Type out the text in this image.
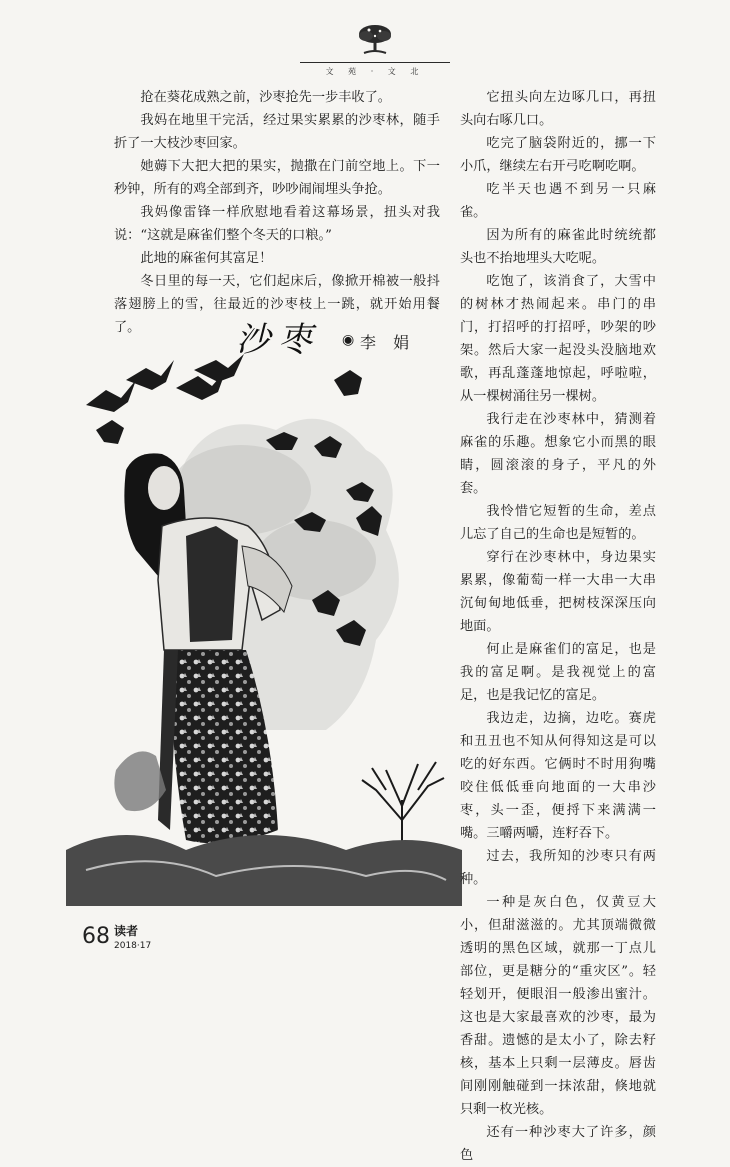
文 苑 · 文 北

抢在葵花成熟之前，沙枣抢先一步丰收了。

我妈在地里干完活，经过果实累累的沙枣林，随手折了一大枝沙枣回家。

她薅下大把大把的果实，抛撒在门前空地上。下一秒钟，所有的鸡全部到齐，吵吵闹闹埋头争抢。

我妈像雷锋一样欣慰地看着这幕场景，扭头对我说：“这就是麻雀们整个冬天的口粮。”

此地的麻雀何其富足！

冬日里的每一天，它们起床后，像掀开棉被一般抖落翅膀上的雪，往最近的沙枣枝上一跳，就开始用餐了。	沙枣 ◉ 李 娟

它扭头向左边啄几口，再扭头向右啄几口。

吃完了脑袋附近的，挪一下小爪，继续左右开弓吃啊吃啊。

吃半天也遇不到另一只麻雀。

因为所有的麻雀此时统统都头也不抬地埋头大吃呢。

吃饱了，该消食了，大雪中的树林才热闹起来。串门的串门，打招呼的打招呼，吵架的吵架。然后大家一起没头没脑地欢歌，再乱蓬蓬地惊起，呼啦啦，从一棵树涌往另一棵树。

我行走在沙枣林中，猜测着麻雀的乐趣。想象它小而黑的眼睛，圆滚滚的身子，平凡的外套。

我怜惜它短暂的生命，差点儿忘了自己的生命也是短暂的。

穿行在沙枣林中，身边果实累累，像葡萄一样一大串一大串沉甸甸地低垂，把树枝深深压向地面。

何止是麻雀们的富足，也是我的富足啊。是我视觉上的富足，也是我记忆的富足。

我边走，边摘，边吃。赛虎和丑丑也不知从何得知这是可以吃的好东西。它俩时不时用狗嘴咬住低低垂向地面的一大串沙枣，头一歪，便捋下来满满一嘴。三嚼两嚼，连籽吞下。

过去，我所知的沙枣只有两种。

一种是灰白色，仅黄豆大小，但甜滋滋的。尤其顶端微微透明的黑色区域，就那一丁点儿部位，更是糖分的“重灾区”。轻轻划开，便眼泪一般渗出蜜汁。这也是大家最喜欢的沙枣，最为香甜。遗憾的是太小了，除去籽核，基本上只剩一层薄皮。唇齿间刚刚触碰到一抹浓甜，倏地就只剩一枚光核。

还有一种沙枣大了许多，颜色

68 读者
2018·17
